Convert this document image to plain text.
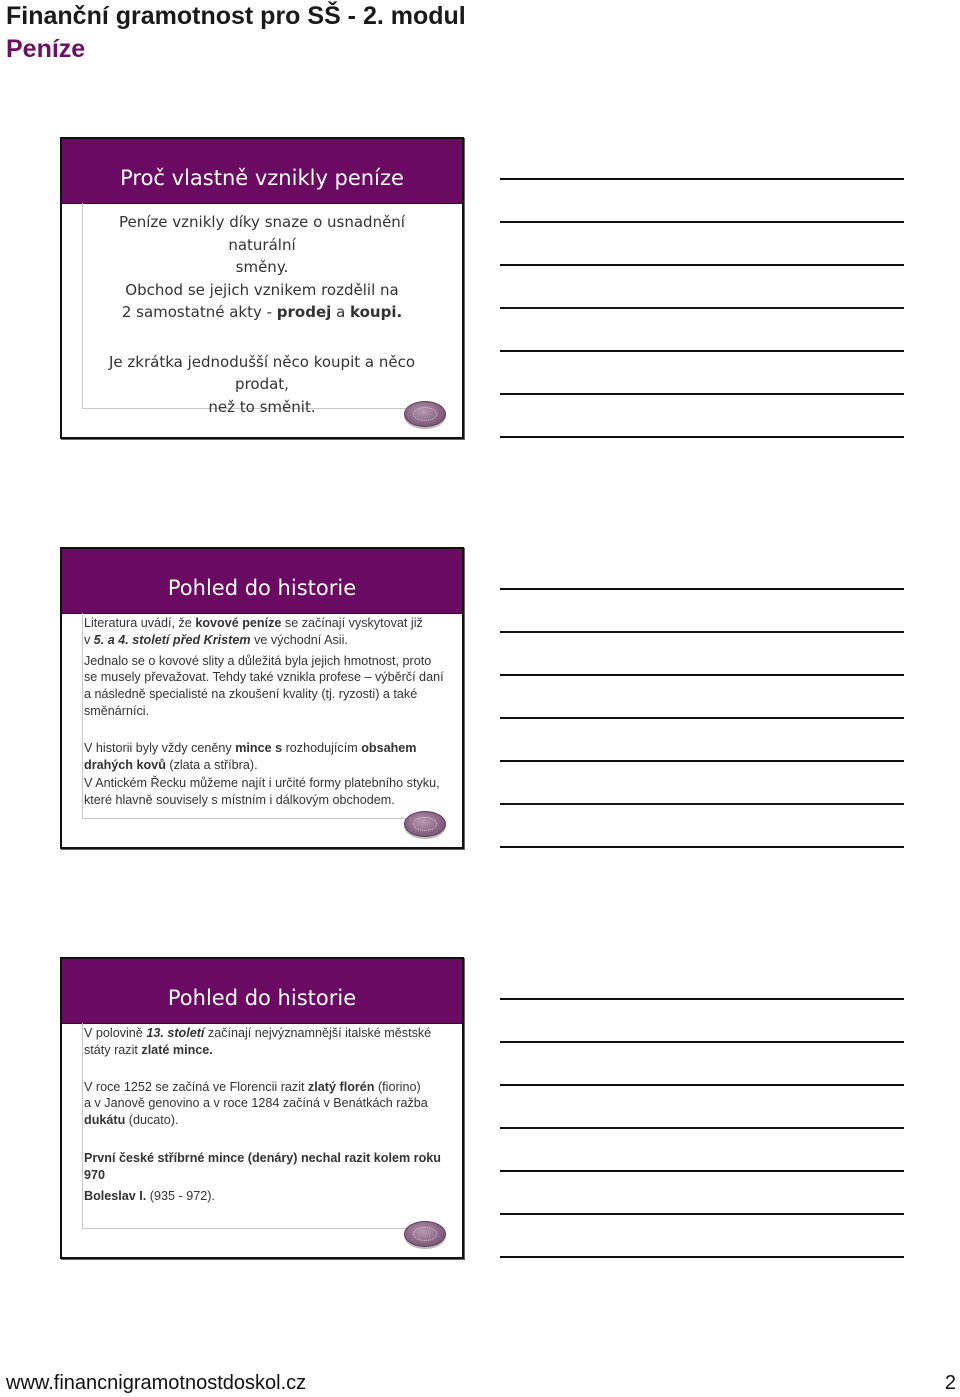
Finanční gramotnost pro SŠ - 2. modul
Peníze
Proč vlastně vznikly peníze

Peníze vznikly díky snaze o usnadnění naturální

směny.

Obchod se jejich vznikem rozdělil na

2 samostatné akty - prodej a koupi.

Je zkrátka jednodušší něco koupit a něco prodat,

než to směnit.

Pohled do historie

Literatura uvádí, že kovové peníze se začínají vyskytovat již

v 5. a 4. století před Kristem ve východní Asii.

Jednalo se o kovové slity a důležitá byla jejich hmotnost, proto

se musely převažovat. Tehdy také vznikla profese – výběrčí daní

a následně specialisté na zkoušení kvality (tj. ryzosti) a také

směnárníci.

V historii byly vždy ceněny mince s rozhodujícím obsahem

drahých kovů (zlata a stříbra).

V Antickém Řecku můžeme najít i určité formy platebního styku,

které hlavně souvisely s místním i dálkovým obchodem.

Pohled do historie

V polovině 13. století začínají nejvýznamnější italské městské

státy razit zlaté mince.

V roce 1252 se začíná ve Florencii razit zlatý florén (fiorino)

a v Janově genovino a v roce 1284 začíná v Benátkách ražba

dukátu (ducato).

První české stříbrné mince (denáry) nechal razit kolem roku 970

Boleslav I. (935 - 972).

www.financnigramotnostdoskol.cz	2
